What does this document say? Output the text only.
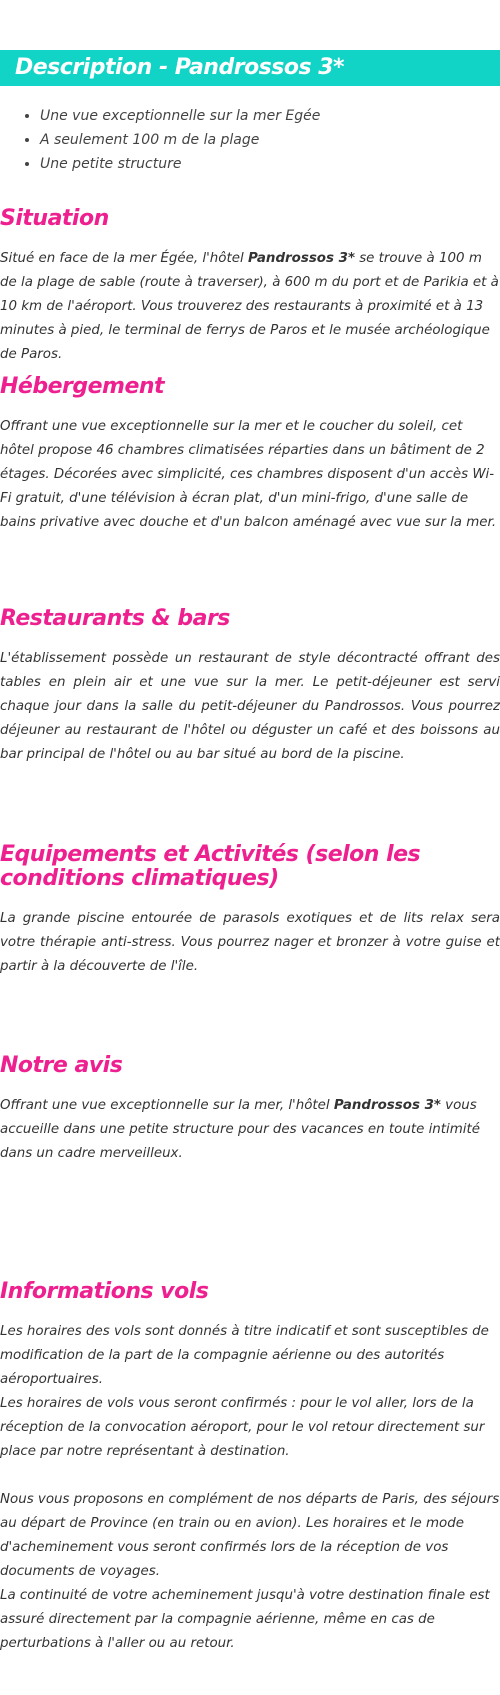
Description - Pandrossos 3*
• Une vue exceptionnelle sur la mer Egée
• A seulement 100 m de la plage
• Une petite structure
Situation

Situé en face de la mer Égée, l'hôtel Pandrossos 3* se trouve à 100 m de la plage de sable (route à traverser), à 600 m du port et de Parikia et à 10 km de l'aéroport. Vous trouverez des restaurants à proximité et à 13 minutes à pied, le terminal de ferrys de Paros et le musée archéologique de Paros.

Hébergement

Offrant une vue exceptionnelle sur la mer et le coucher du soleil, cet hôtel propose 46 chambres climatisées réparties dans un bâtiment de 2 étages. Décorées avec simplicité, ces chambres disposent d'un accès Wi-Fi gratuit, d'une télévision à écran plat, d'un mini-frigo, d'une salle de bains privative avec douche et d'un balcon aménagé avec vue sur la mer.

Restaurants & bars

L'établissement possède un restaurant de style décontracté offrant des tables en plein air et une vue sur la mer. Le petit-déjeuner est servi chaque jour dans la salle du petit-déjeuner du Pandrossos. Vous pourrez déjeuner au restaurant de l'hôtel ou déguster un café et des boissons au bar principal de l'hôtel ou au bar situé au bord de la piscine.

Equipements et Activités (selon les conditions climatiques)

La grande piscine entourée de parasols exotiques et de lits relax sera votre thérapie anti-stress. Vous pourrez nager et bronzer à votre guise et partir à la découverte de l'île.

Notre avis

Offrant une vue exceptionnelle sur la mer, l'hôtel Pandrossos 3* vous accueille dans une petite structure pour des vacances en toute intimité dans un cadre merveilleux.

Informations vols

Les horaires des vols sont donnés à titre indicatif et sont susceptibles de modification de la part de la compagnie aérienne ou des autorités aéroportuaires.

Les horaires de vols vous seront confirmés : pour le vol aller, lors de la réception de la convocation aéroport, pour le vol retour directement sur place par notre représentant à destination.

Nous vous proposons en complément de nos départs de Paris, des séjours au départ de Province (en train ou en avion). Les horaires et le mode d'acheminement vous seront confirmés lors de la réception de vos documents de voyages.

La continuité de votre acheminement jusqu'à votre destination finale est assuré directement par la compagnie aérienne, même en cas de perturbations à l'aller ou au retour.
